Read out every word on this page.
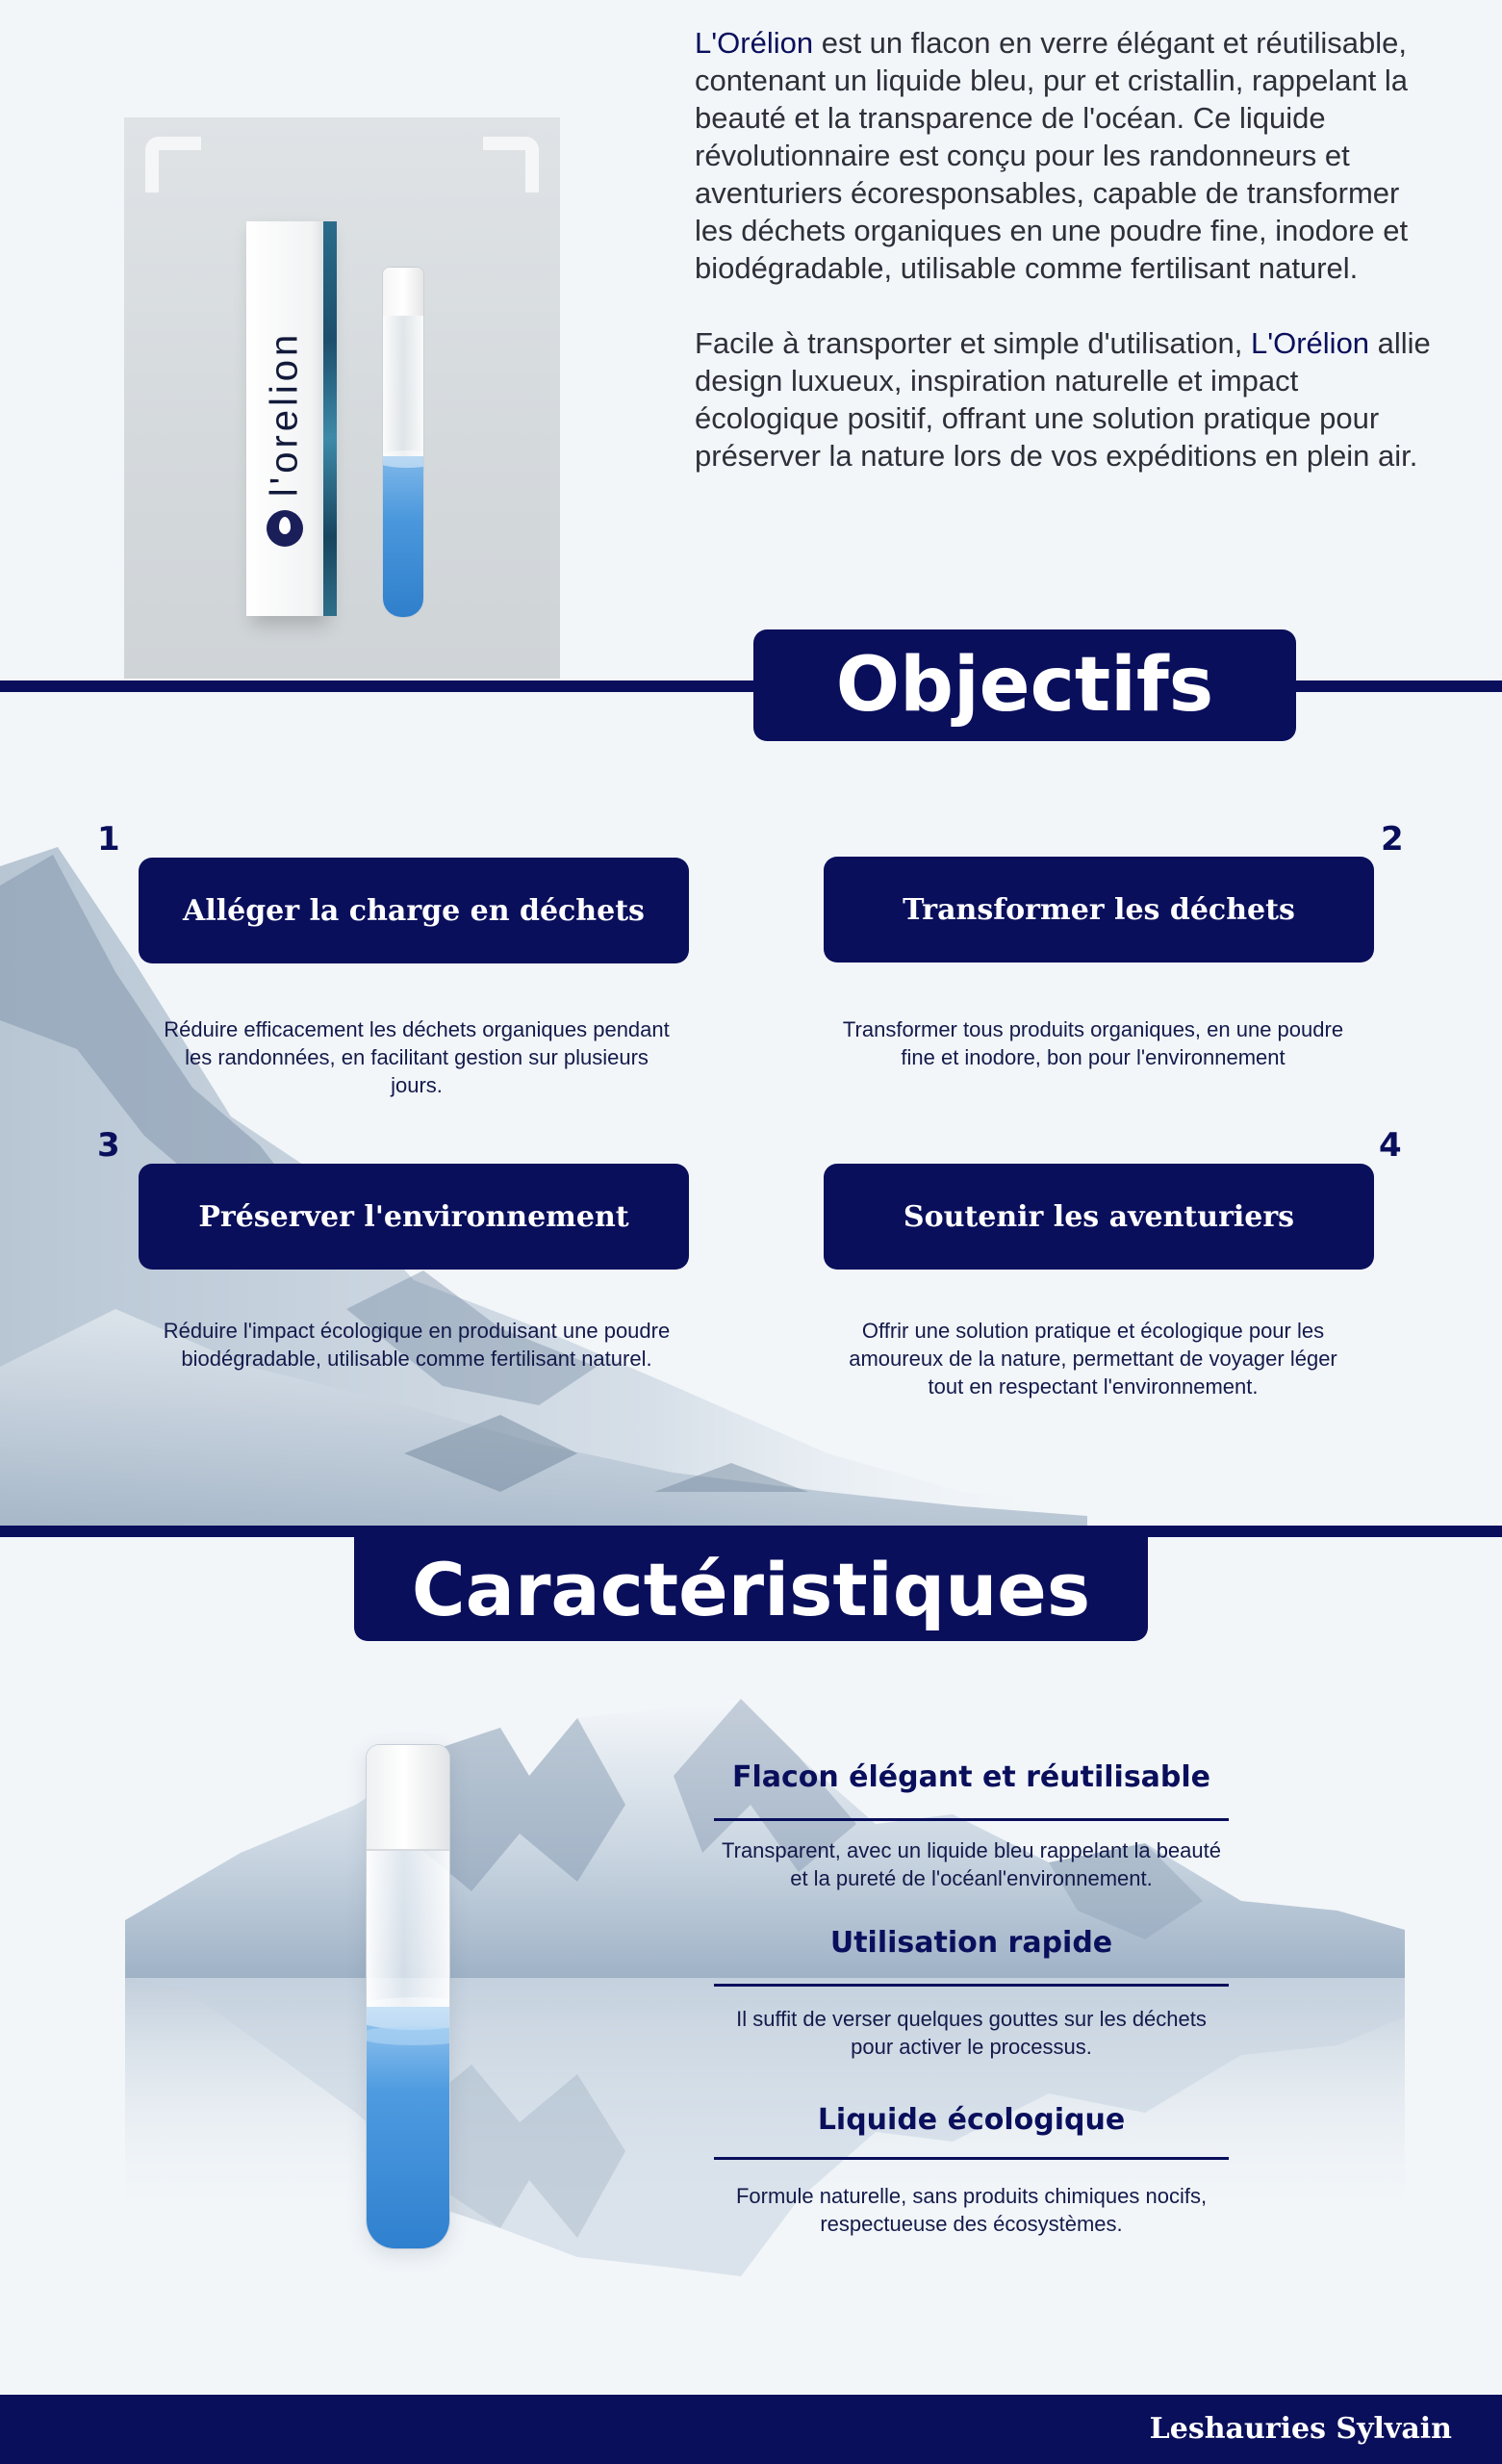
l'orelion

L'Orélion est un flacon en verre élégant et réutilisable, contenant un liquide bleu, pur et cristallin, rappelant la beauté et la transparence de l'océan. Ce liquide révolutionnaire est conçu pour les randonneurs et aventuriers écoresponsables, capable de transformer les déchets organiques en une poudre fine, inodore et biodégradable, utilisable comme fertilisant naturel.

Facile à transporter et simple d'utilisation, L'Orélion allie design luxueux, inspiration naturelle et impact écologique positif, offrant une solution pratique pour préserver la nature lors de vos expéditions en plein air.

Objectifs
1
Alléger la charge en déchets
Réduire efficacement les déchets organiques pendant les randonnées, en facilitant gestion sur plusieurs jours.
2
Transformer les déchets
Transformer tous produits organiques, en une poudre fine et inodore, bon pour l'environnement
3
Préserver l'environnement
Réduire l'impact écologique en produisant une poudre biodégradable, utilisable comme fertilisant naturel.
4
Soutenir les aventuriers
Offrir une solution pratique et écologique pour les amoureux de la nature, permettant de voyager léger tout en respectant l'environnement.
Caractéristiques
Flacon élégant et réutilisable
Transparent, avec un liquide bleu rappelant la beauté et la pureté de l'océanl'environnement.
Utilisation rapide
Il suffit de verser quelques gouttes sur les déchets pour activer le processus.
Liquide écologique
Formule naturelle, sans produits chimiques nocifs, respectueuse des écosystèmes.
Leshauries Sylvain
